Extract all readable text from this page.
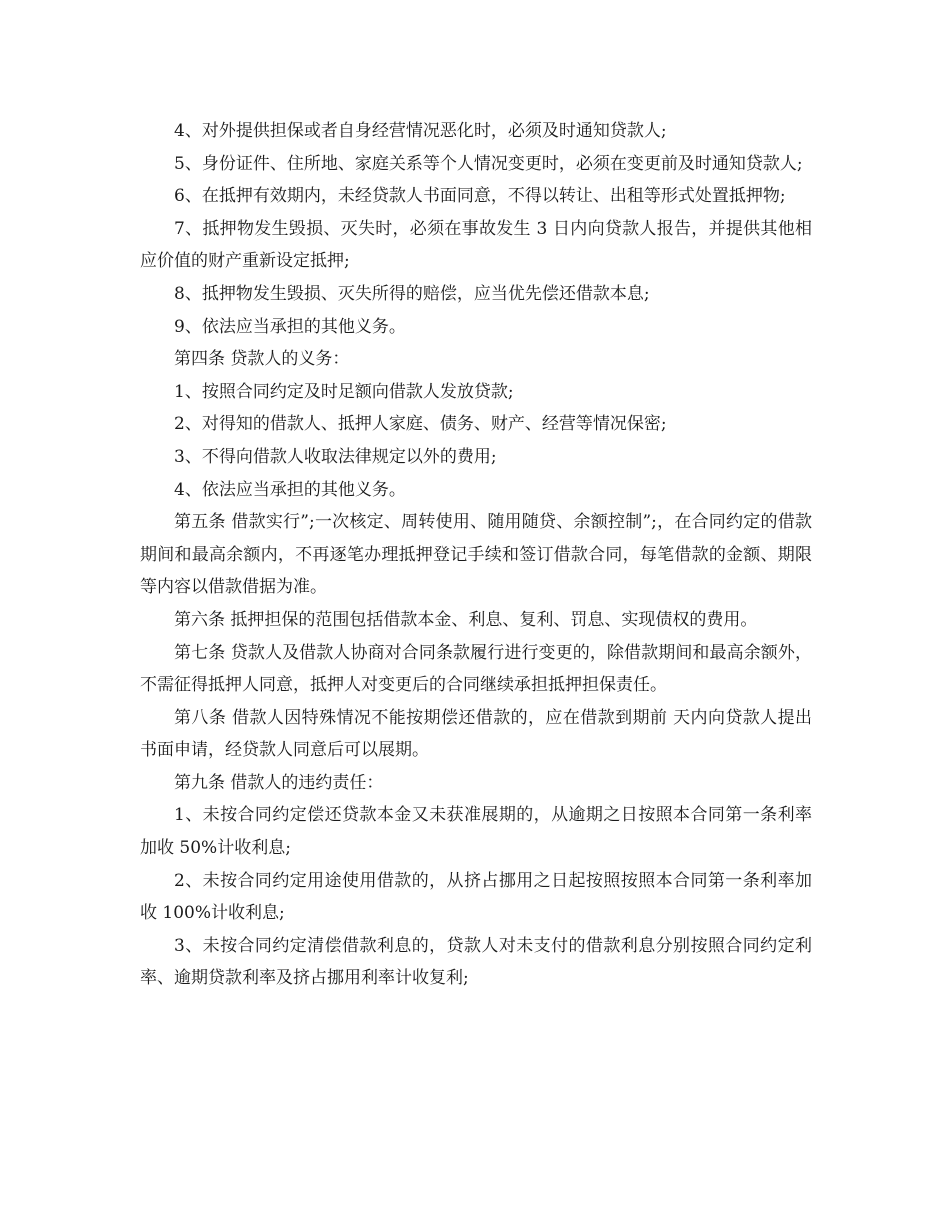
4、对外提供担保或者自身经营情况恶化时，必须及时通知贷款人;

5、身份证件、住所地、家庭关系等个人情况变更时，必须在变更前及时通知贷款人;

6、在抵押有效期内，未经贷款人书面同意，不得以转让、出租等形式处置抵押物;

7、抵押物发生毁损、灭失时，必须在事故发生 3 日内向贷款人报告，并提供其他相应价值的财产重新设定抵押;

8、抵押物发生毁损、灭失所得的赔偿，应当优先偿还借款本息;

9、依法应当承担的其他义务。

第四条 贷款人的义务：

1、按照合同约定及时足额向借款人发放贷款;

2、对得知的借款人、抵押人家庭、债务、财产、经营等情况保密;

3、不得向借款人收取法律规定以外的费用;

4、依法应当承担的其他义务。

第五条 借款实行”;一次核定、周转使用、随用随贷、余额控制”;，在合同约定的借款期间和最高余额内，不再逐笔办理抵押登记手续和签订借款合同，每笔借款的金额、期限等内容以借款借据为准。

第六条 抵押担保的范围包括借款本金、利息、复利、罚息、实现债权的费用。

第七条 贷款人及借款人协商对合同条款履行进行变更的，除借款期间和最高余额外，不需征得抵押人同意，抵押人对变更后的合同继续承担抵押担保责任。

第八条 借款人因特殊情况不能按期偿还借款的，应在借款到期前 天内向贷款人提出书面申请，经贷款人同意后可以展期。

第九条 借款人的违约责任：

1、未按合同约定偿还贷款本金又未获准展期的，从逾期之日按照本合同第一条利率加收 50%计收利息;

2、未按合同约定用途使用借款的，从挤占挪用之日起按照按照本合同第一条利率加收 100%计收利息;

3、未按合同约定清偿借款利息的，贷款人对未支付的借款利息分别按照合同约定利率、逾期贷款利率及挤占挪用利率计收复利;
